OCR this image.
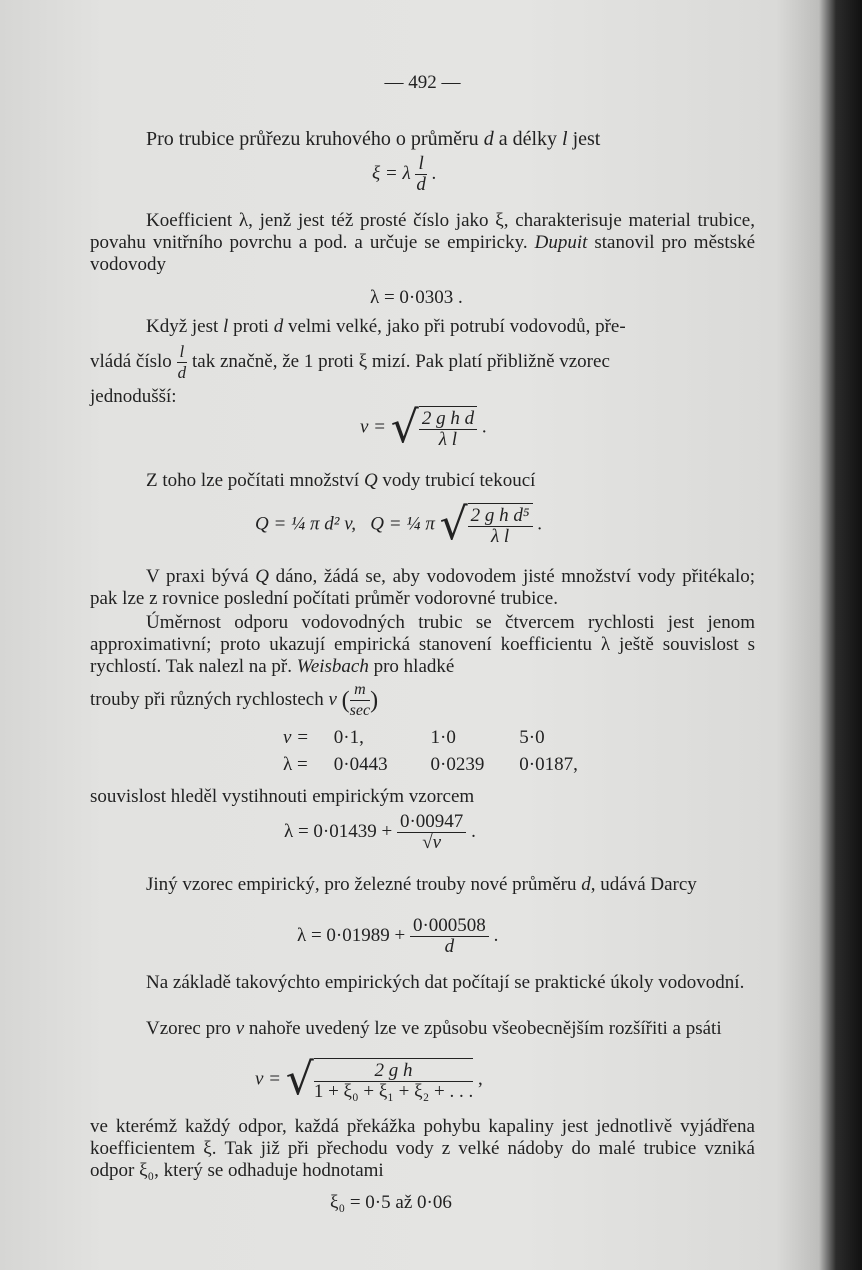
— 492 —
Pro trubice průřezu kruhového o průměru d a délky l jest
ξ = λ $\frac{l}{d}$ .
Koefficient λ, jenž jest též prosté číslo jako ξ, charakterisuje material trubice, povahu vnitřního povrchu a pod. a určuje se empiricky. Dupuit stanovil pro městské vodovody
λ = 0·0303 .
Když jest l proti d velmi velké, jako při potrubí vodovodů, pře-
vládá číslo $\frac{l}{d}$ tak značně, že 1 proti ξ mizí. Pak platí přibližně vzorec
jednodušší:
v = √ $\frac{\text{2 g h d}}{\text{λ l}}$ .
Z toho lze počítati množství Q vody trubicí tekoucí
Q = ¼ π d² v, Q = ¼ π √ $\frac{\text{2 g h d⁵}}{\text{λ l}}$ .
V praxi bývá Q dáno, žádá se, aby vodovodem jisté množství vody přitékalo; pak lze z rovnice poslední počítati průměr vodorovné trubice.
Úměrnost odporu vodovodných trubic se čtvercem rychlosti jest jenom approximativní; proto ukazují empirická stanovení koefficientu λ ještě souvislost s rychlostí. Tak nalezl na př. Weisbach pro hladké
trouby při různých rychlostech v ( $\frac{m}{\sec}$ )
v = 0·1,	1·0	5·0
λ = 0·0443 0·0239 0·0187,
souvislost hleděl vystihnouti empirickým vzorcem
$\lambda = 0\cdot 01439 + \frac{0\cdot 00947}{√v}$ .
Jiný vzorec empirický, pro železné trouby nové průměru d, udává Darcy
$\lambda = 0\cdot 01989 + \frac{0\cdot 000508}{d}$ .
Na základě takovýchto empirických dat počítají se praktické úkoly vodovodní.
Vzorec pro v nahoře uvedený lze ve způsobu všeobecnějším rozšířiti a psáti
v = √ $\frac{\text{2 g h}}{\text{1 + ξ₀ + ξ₁ + ξ₂ + . . .}}$ ,
ve kterémž každý odpor, každá překážka pohybu kapaliny jest jednotlivě vyjádřena koefficientem ξ. Tak již při přechodu vody z velké nádoby do malé trubice vzniká odpor ξ₀, který se odhaduje hodnotami
ξ₀ = 0·5 až 0·06
